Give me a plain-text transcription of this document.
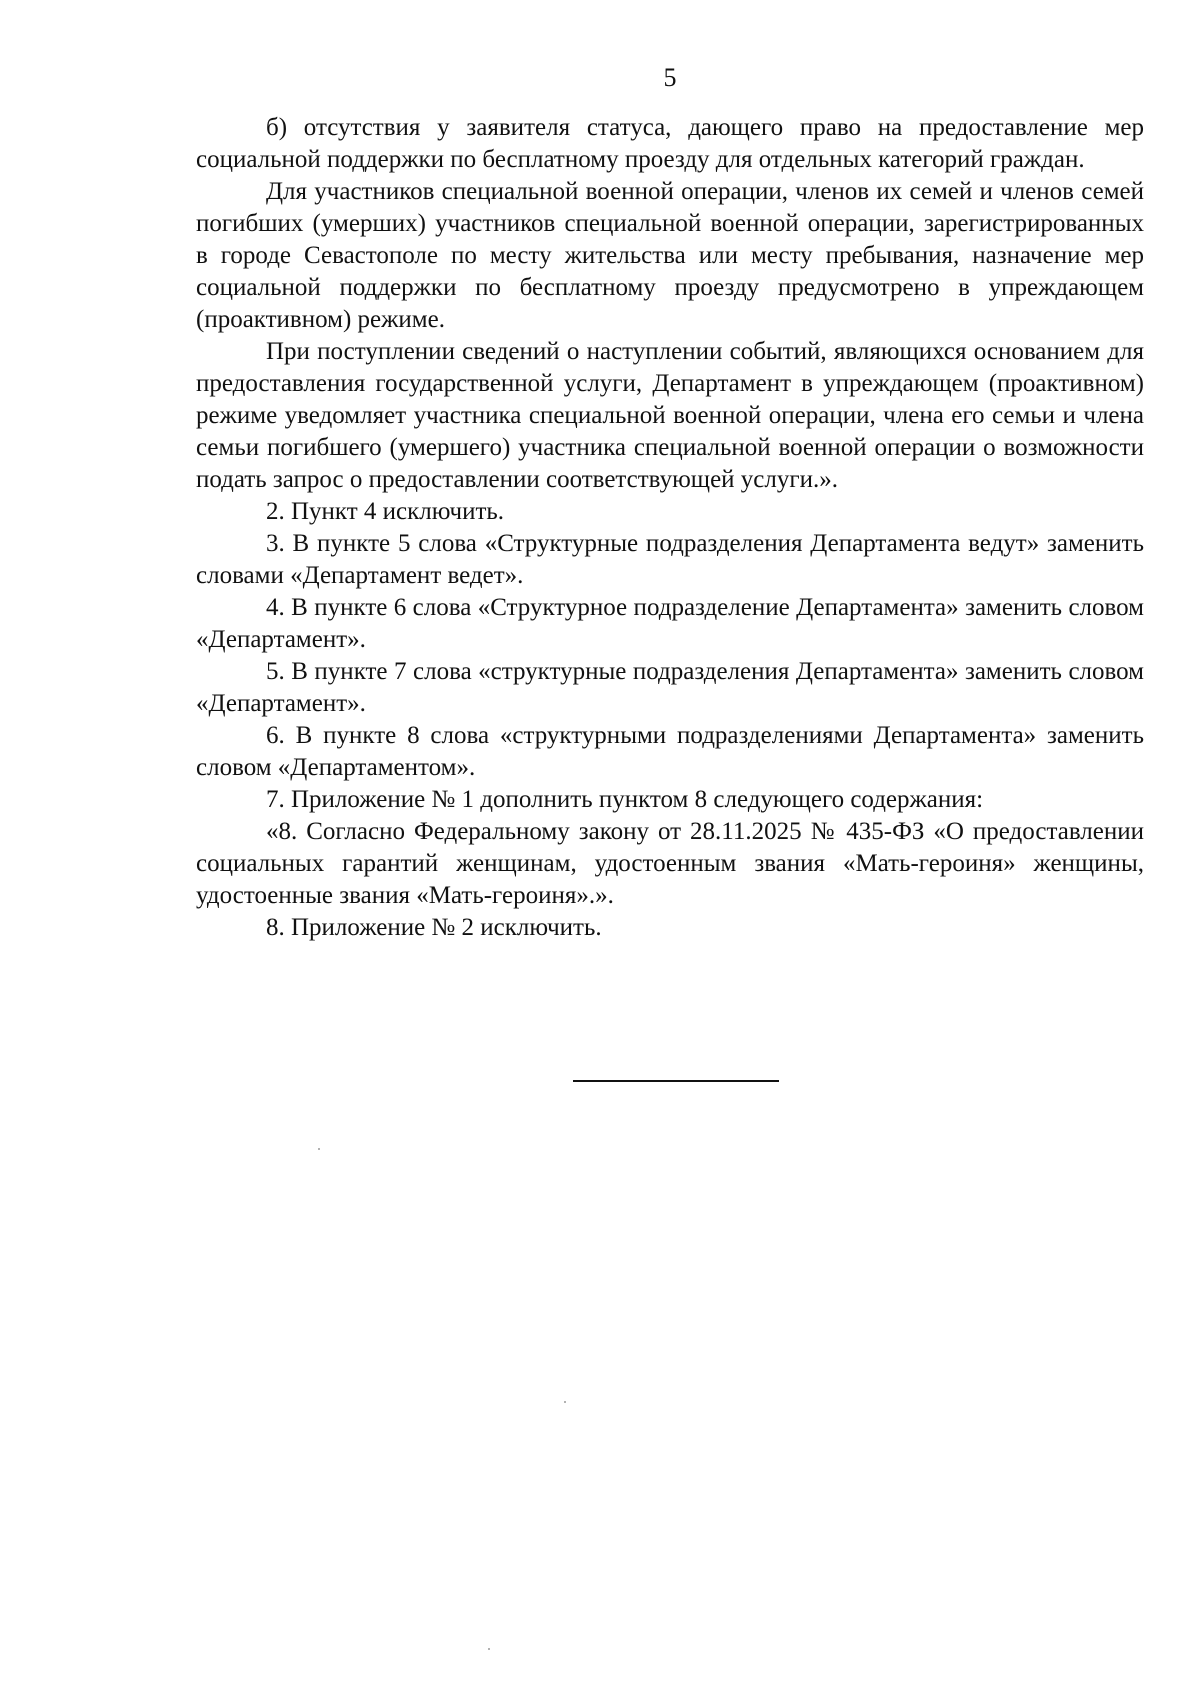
5

б) отсутствия у заявителя статуса, дающего право на предоставление мер социальной поддержки по бесплатному проезду для отдельных категорий граждан.

Для участников специальной военной операции, членов их семей и членов семей погибших (умерших) участников специальной военной операции, зарегистрированных в городе Севастополе по месту жительства или месту пребывания, назначение мер социальной поддержки по бесплатному проезду предусмотрено в упреждающем (проактивном) режиме.

При поступлении сведений о наступлении событий, являющихся основанием для предоставления государственной услуги, Департамент в упреждающем (проактивном) режиме уведомляет участника специальной военной операции, члена его семьи и члена семьи погибшего (умершего) участника специальной военной операции о возможности подать запрос о предоставлении соответствующей услуги.».

2. Пункт 4 исключить.

3. В пункте 5 слова «Структурные подразделения Департамента ведут» заменить словами «Департамент ведет».

4. В пункте 6 слова «Структурное подразделение Департамента» заменить словом «Департамент».

5. В пункте 7 слова «структурные подразделения Департамента» заменить словом «Департамент».

6. В пункте 8 слова «структурными подразделениями Департамента» заменить словом «Департаментом».

7. Приложение № 1 дополнить пунктом 8 следующего содержания:

«8. Согласно Федеральному закону от 28.11.2025 № 435-ФЗ «О предоставлении социальных гарантий женщинам, удостоенным звания «Мать-героиня» женщины, удостоенные звания «Мать-героиня».».

8. Приложение № 2 исключить.
